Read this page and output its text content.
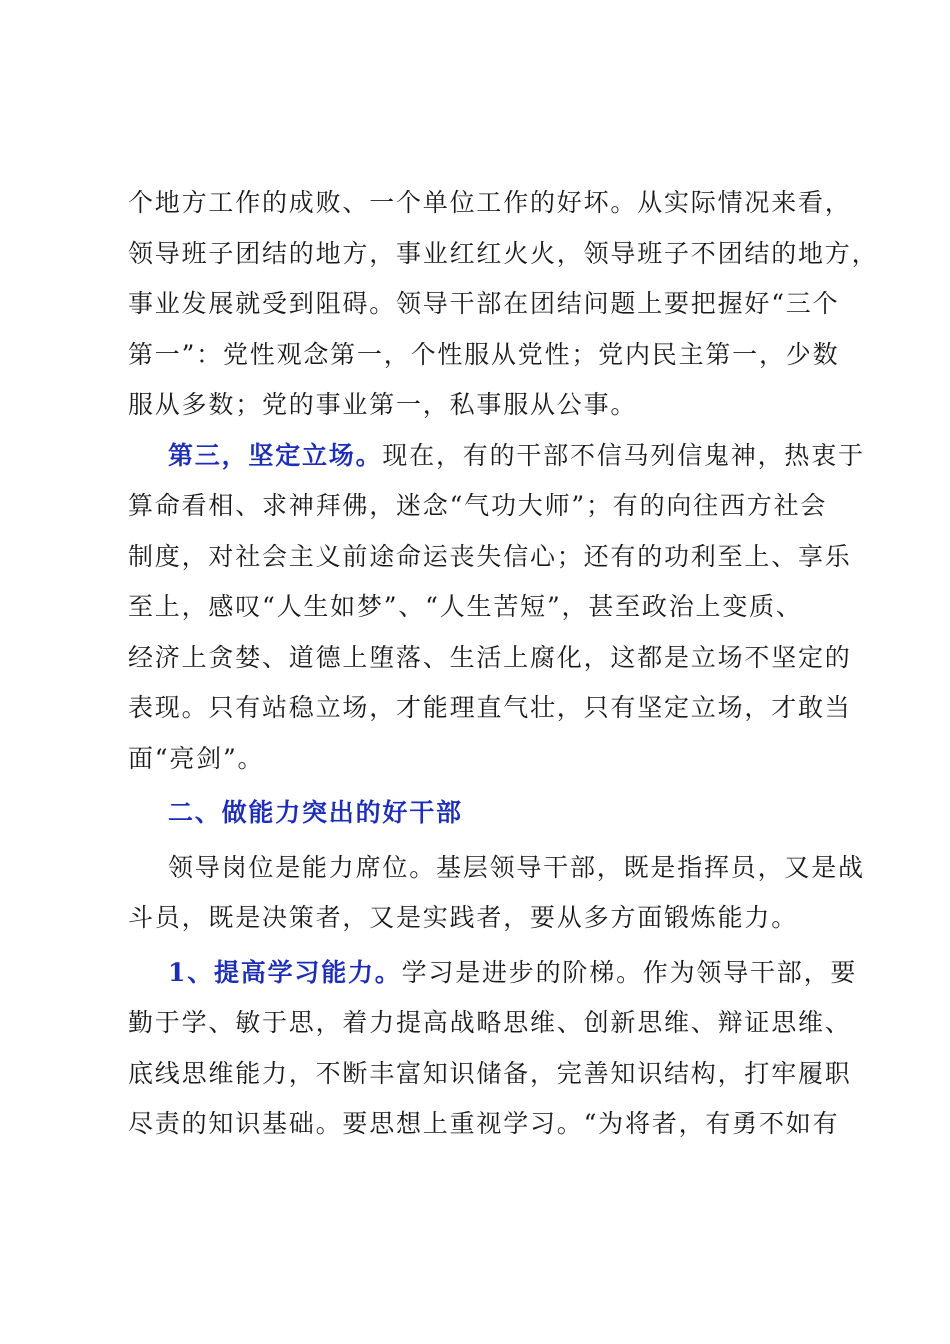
个地方工作的成败、一个单位工作的好坏。从实际情况来看，
领导班子团结的地方，事业红红火火，领导班子不团结的地方，
事业发展就受到阻碍。领导干部在团结问题上要把握好“三个
第一”：党性观念第一，个性服从党性；党内民主第一，少数
服从多数；党的事业第一，私事服从公事。
第三，坚定立场。现在，有的干部不信马列信鬼神，热衷于
算命看相、求神拜佛，迷念“气功大师”；有的向往西方社会
制度，对社会主义前途命运丧失信心；还有的功利至上、享乐
至上，感叹“人生如梦”、“人生苦短”，甚至政治上变质、
经济上贪婪、道德上堕落、生活上腐化，这都是立场不坚定的
表现。只有站稳立场，才能理直气壮，只有坚定立场，才敢当
面“亮剑”。
二、做能力突出的好干部
领导岗位是能力席位。基层领导干部，既是指挥员，又是战
斗员，既是决策者，又是实践者，要从多方面锻炼能力。
1、提高学习能力。学习是进步的阶梯。作为领导干部，要
勤于学、敏于思，着力提高战略思维、创新思维、辩证思维、
底线思维能力，不断丰富知识储备，完善知识结构，打牢履职
尽责的知识基础。要思想上重视学习。“为将者，有勇不如有
